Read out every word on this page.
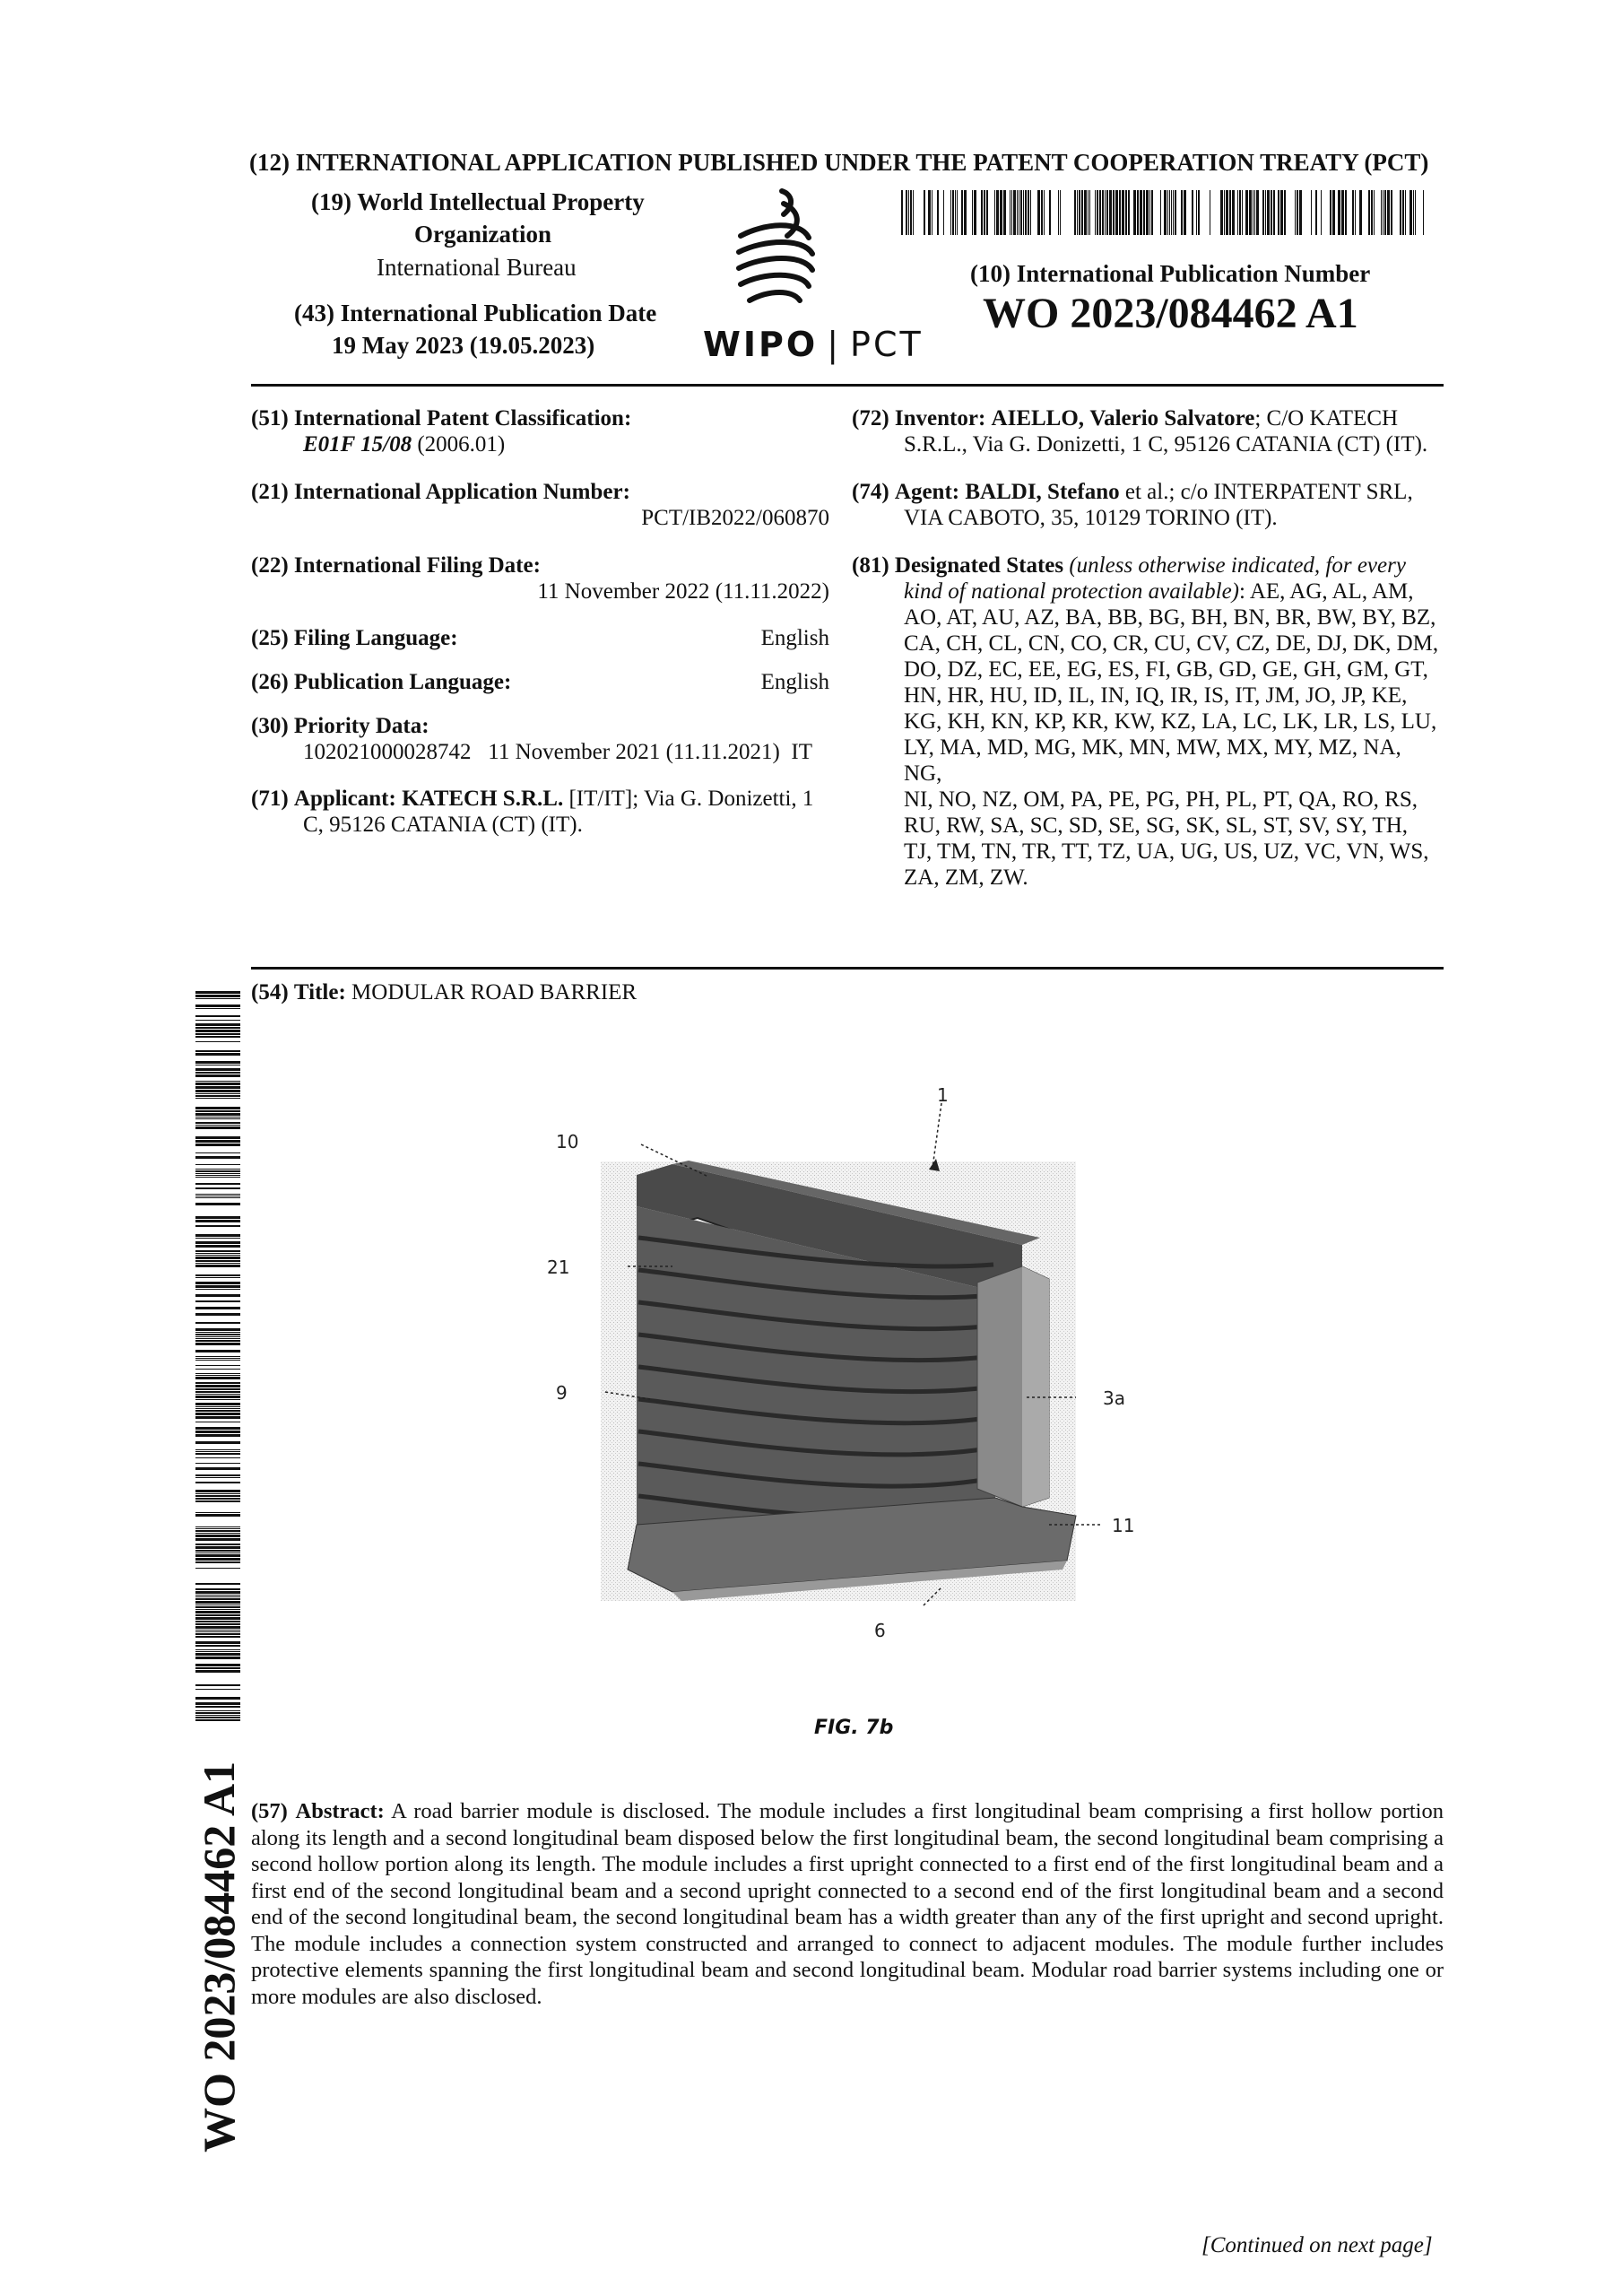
(12) INTERNATIONAL APPLICATION PUBLISHED UNDER THE PATENT COOPERATION TREATY (PCT)
(19) World Intellectual Property
Organization
International Bureau
(43) International Publication Date
19 May 2023 (19.05.2023)	WIPO | PCT
(10) International Publication Number
WO 2023/084462 A1
(51) International Patent Classification:
E01F 15/08 (2006.01)
(21) International Application Number:
PCT/IB2022/060870
(22) International Filing Date:
11 November 2022 (11.11.2022)
(25) Filing Language:	English
(26) Publication Language:	English
(30) Priority Data:
102021000028742 11 November 2021 (11.11.2021) IT
(71) Applicant: KATECH S.R.L. [IT/IT]; Via G. Donizetti, 1
C, 95126 CATANIA (CT) (IT).
(72) Inventor: AIELLO, Valerio Salvatore; C/O KATECH
S.R.L., Via G. Donizetti, 1 C, 95126 CATANIA (CT) (IT).
(74) Agent: BALDI, Stefano et al.; c/o INTERPATENT SRL,
VIA CABOTO, 35, 10129 TORINO (IT).
(81) Designated States (unless otherwise indicated, for every
kind of national protection available): AE, AG, AL, AM,
AO, AT, AU, AZ, BA, BB, BG, BH, BN, BR, BW, BY, BZ,
CA, CH, CL, CN, CO, CR, CU, CV, CZ, DE, DJ, DK, DM,
DO, DZ, EC, EE, EG, ES, FI, GB, GD, GE, GH, GM, GT,
HN, HR, HU, ID, IL, IN, IQ, IR, IS, IT, JM, JO, JP, KE,
KG, KH, KN, KP, KR, KW, KZ, LA, LC, LK, LR, LS, LU,
LY, MA, MD, MG, MK, MN, MW, MX, MY, MZ, NA, NG,
NI, NO, NZ, OM, PA, PE, PG, PH, PL, PT, QA, RO, RS,
RU, RW, SA, SC, SD, SE, SG, SK, SL, ST, SV, SY, TH,
TJ, TM, TN, TR, TT, TZ, UA, UG, US, UZ, VC, VN, WS,
ZA, ZM, ZW.
(54) Title: MODULAR ROAD BARRIER
1
10
21
9	3a
11
6
FIG. 7b
(57) Abstract: A road barrier module is disclosed. The module includes a first longitudinal beam comprising a first hollow portion along its length and a second longitudinal beam disposed below the first longitudinal beam, the second longitudinal beam comprising a second hollow portion along its length. The module includes a first upright connected to a first end of the first longitudinal beam and a first end of the second longitudinal beam and a second upright connected to a second end of the first longitudinal beam and a second end of the second longitudinal beam, the second longitudinal beam has a width greater than any of the first upright and second upright. The module includes a connection system constructed and arranged to connect to adjacent modules. The module further includes protective elements spanning the first longitudinal beam and second longitudinal beam. Modular road barrier systems including one or more modules are also disclosed.
WO 2023/084462 A1
[Continued on next page]
